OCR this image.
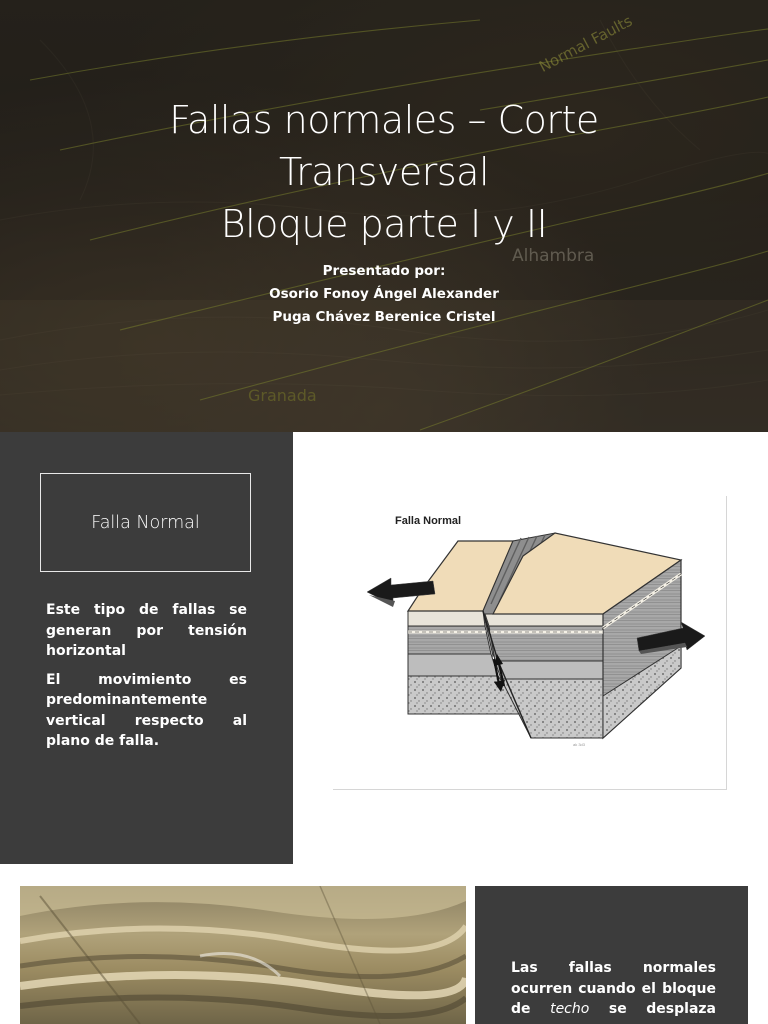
Normal Faults
Alhambra
Granada
Fallas normales – Corte
Transversal
Bloque parte I y II
Presentado por:
Osorio Fonoy Ángel Alexander
Puga Chávez Berenice Cristel
Falla Normal

Este tipo de fallas se generan por tensión horizontal

El movimiento es predominantemente vertical respecto al plano de falla.

Falla Normal
ak 3d3
Las fallas normales ocurren cuando el bloque de techo se desplaza
